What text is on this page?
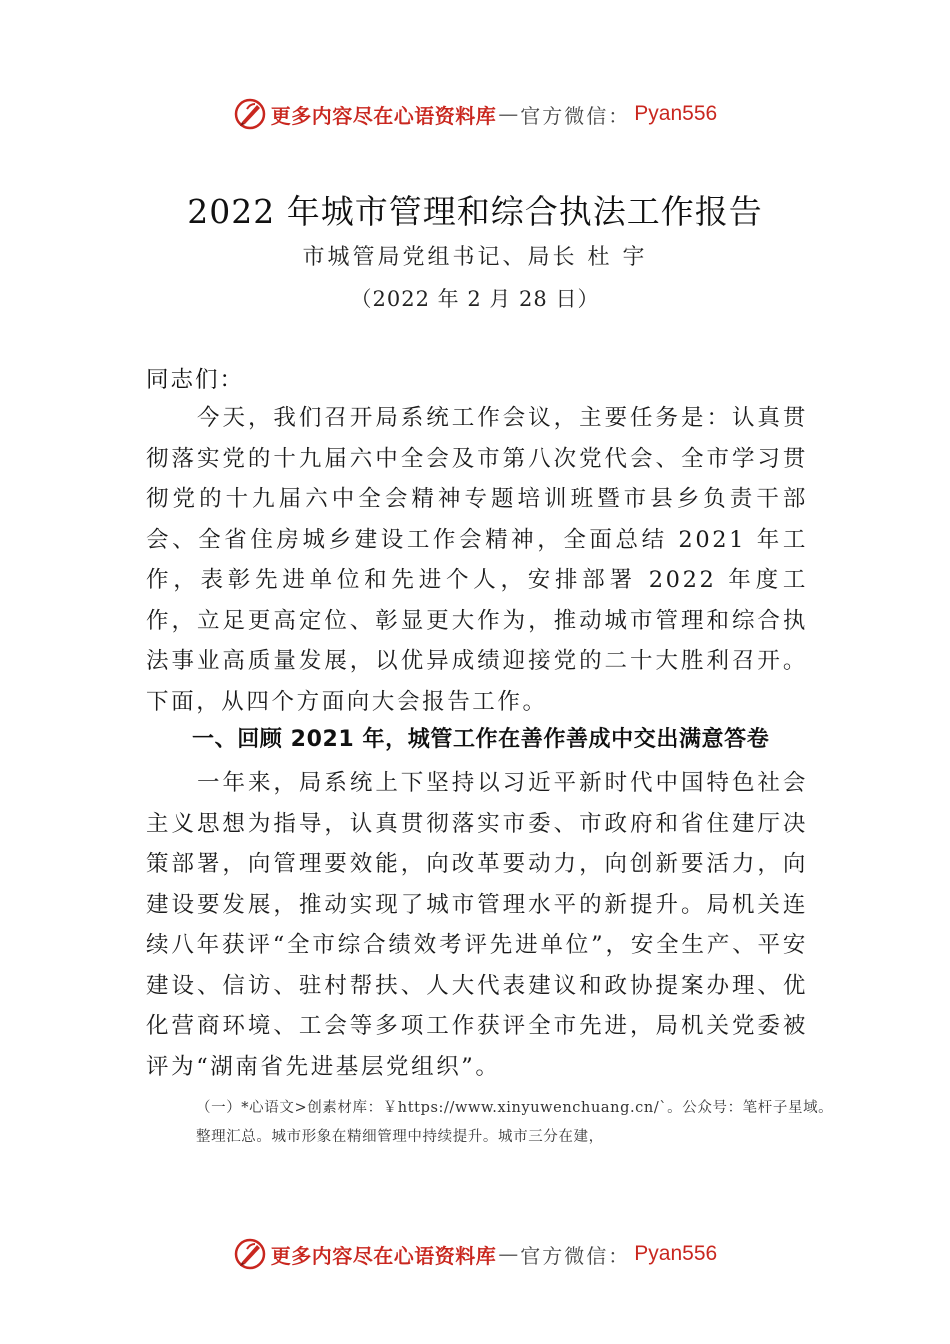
更多内容尽在心语资料库 — 官方微信： Pyan556
2022 年城市管理和综合执法工作报告
市城管局党组书记、局长 杜 宇
（2022 年 2 月 28 日）
同志们：
今天，我们召开局系统工作会议，主要任务是：认真贯彻落实党的十九届六中全会及市第八次党代会、全市学习贯彻党的十九届六中全会精神专题培训班暨市县乡负责干部会、全省住房城乡建设工作会精神，全面总结 2021 年工作，表彰先进单位和先进个人，安排部署 2022 年度工作，立足更高定位、彰显更大作为，推动城市管理和综合执法事业高质量发展，以优异成绩迎接党的二十大胜利召开。下面，从四个方面向大会报告工作。
一、回顾 2021 年，城管工作在善作善成中交出满意答卷
一年来，局系统上下坚持以习近平新时代中国特色社会主义思想为指导，认真贯彻落实市委、市政府和省住建厅决策部署，向管理要效能，向改革要动力，向创新要活力，向建设要发展，推动实现了城市管理水平的新提升。局机关连续八年获评“全市综合绩效考评先进单位”，安全生产、平安建设、信访、驻村帮扶、人大代表建议和政协提案办理、优化营商环境、工会等多项工作获评全市先进，局机关党委被评为“湖南省先进基层党组织”。
（一）*心语文>创素材库：￥https://www.xinyuwenchuang.cn/`。公众号：笔杆子星域。整理汇总。城市形象在精细管理中持续提升。城市三分在建，
更多内容尽在心语资料库 — 官方微信： Pyan556
